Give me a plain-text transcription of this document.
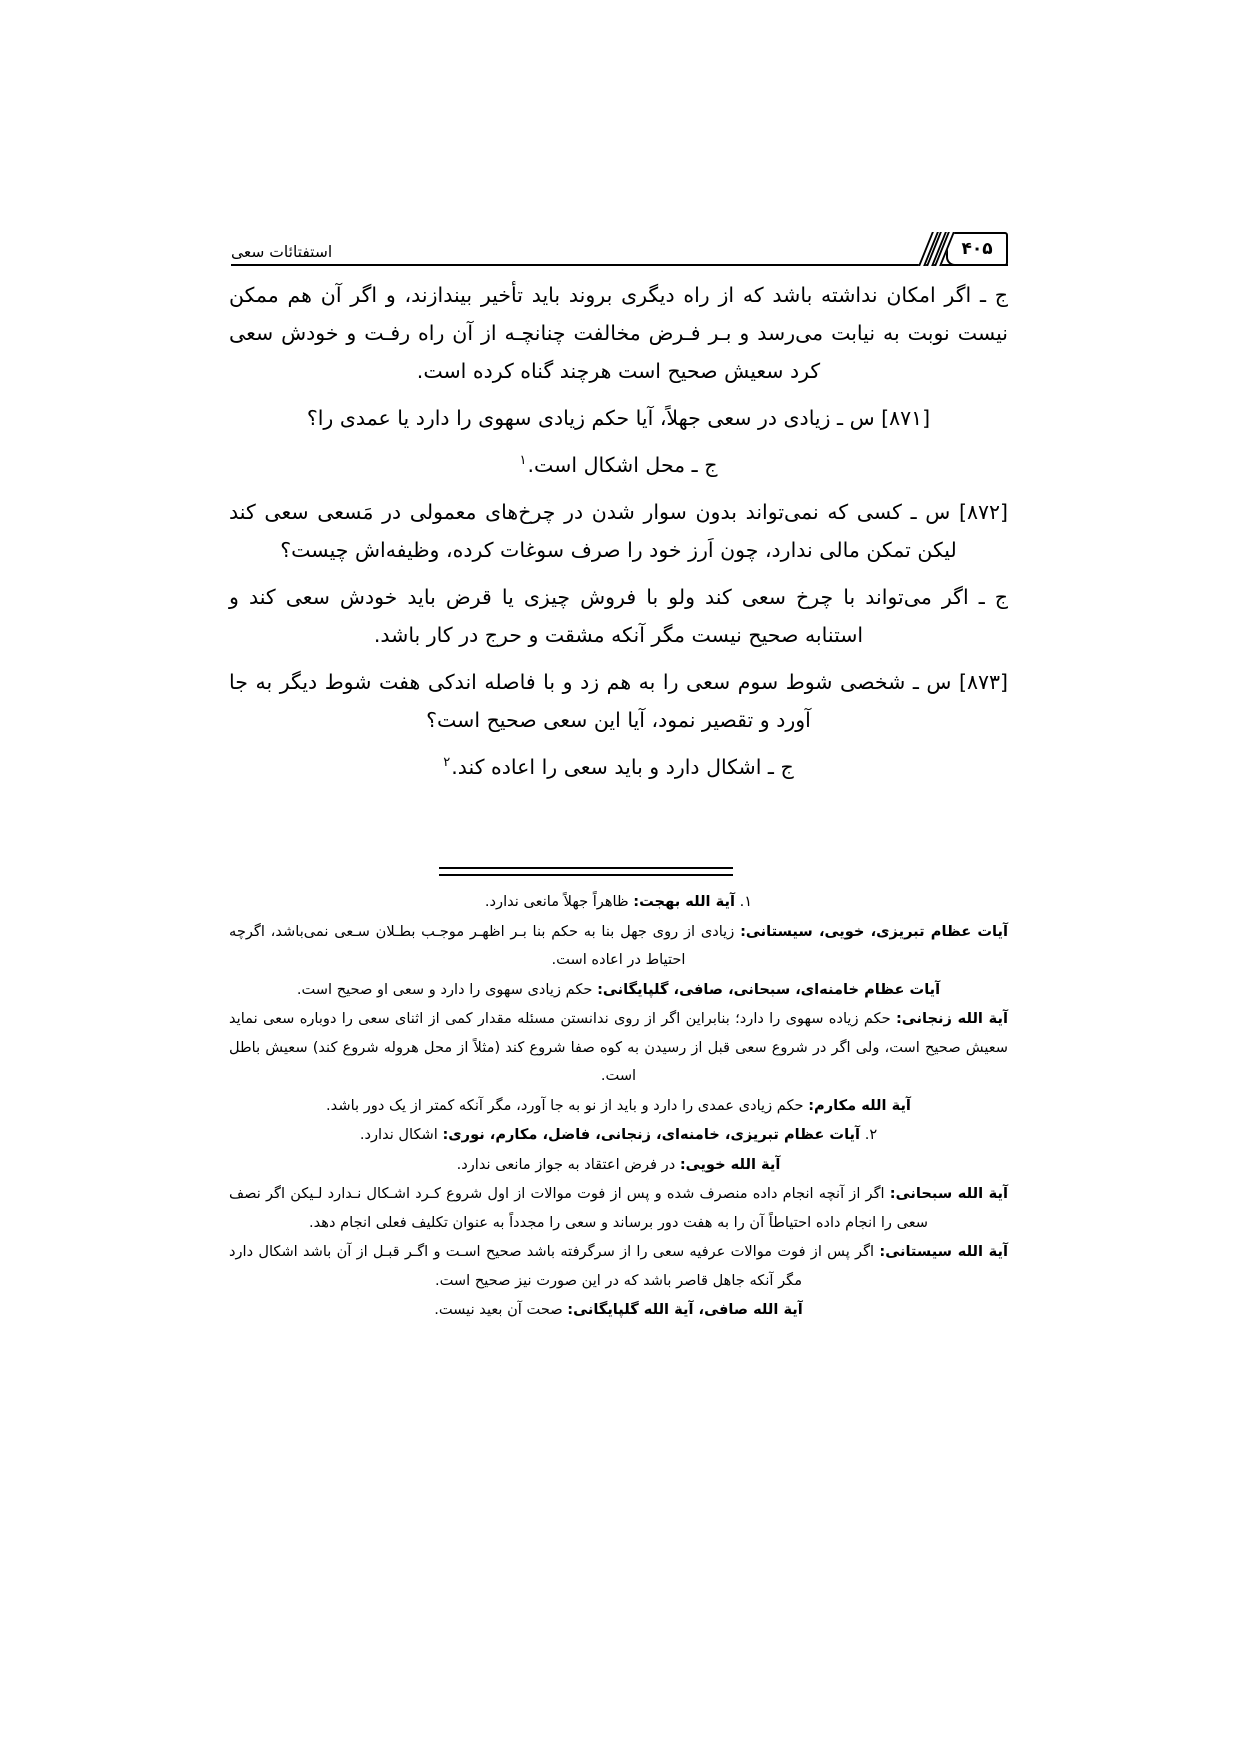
استفتائات سعی	۴۰۵

ج ـ اگر امکان نداشته باشد که از راه دیگری بروند باید تأخیر بیندازند، و اگر آن هم ممکن نیست نوبت به نیابت می‌رسد و بـر فـرض مخالفت چنانچـه از آن راه رفـت و خودش سعی کرد سعیش صحیح است هرچند گناه کرده است.

[۸۷۱] س ـ زیادی در سعی جهلاً، آیا حکم زیادی سهوی را دارد یا عمدی را؟

ج ـ محل اشکال است.$^۱$

[۸۷۲] س ـ کسی که نمی‌تواند بدون سوار شدن در چرخ‌های معمولی در مَسعی سعی کند لیکن تمکن مالی ندارد، چون اَرز خود را صرف سوغات کرده، وظیفه‌اش چیست؟

ج ـ اگر می‌تواند با چرخ سعی کند ولو با فروش چیزی یا قرض باید خودش سعی کند و استنابه صحیح نیست مگر آنکه مشقت و حرج در کار باشد.

[۸۷۳] س ـ شخصی شوط سوم سعی را به هم زد و با فاصله اندکی هفت شوط دیگر به جا آورد و تقصیر نمود، آیا این سعی صحیح است؟

ج ـ اشکال دارد و باید سعی را اعاده کند.$^۲$

۱. آیة الله بهجت: ظاهراً جهلاً مانعی ندارد.

آیات عظام تبریزی، خویی، سیستانی: زیادی از روی جهل بنا به حکم بنا بـر اظهـر موجـب بطـلان سـعی نمی‌باشد، اگرچه احتیاط در اعاده است.

آیات عظام خامنه‌ای، سبحانی، صافی، گلپایگانی: حکم زیادی سهوی را دارد و سعی او صحیح است.

آیة الله زنجانی: حکم زیاده سهوی را دارد؛ بنابراین اگر از روی ندانستن مسئله مقدار کمی از اثنای سعی را دوباره سعی نماید سعیش صحیح است، ولی اگر در شروع سعی قبل از رسیدن به کوه صفا شروع کند (مثلاً از محل هروله شروع کند) سعیش باطل است.

آیة الله مکارم: حکم زیادی عمدی را دارد و باید از نو به جا آورد، مگر آنکه کمتر از یک دور باشد.

۲. آیات عظام تبریزی، خامنه‌ای، زنجانی، فاضل، مکارم، نوری: اشکال ندارد.

آیة الله خویی: در فرض اعتقاد به جواز مانعی ندارد.

آیة الله سبحانی: اگر از آنچه انجام داده منصرف شده و پس از فوت موالات از اول شروع کـرد اشـکال نـدارد لـیکن اگر نصف سعی را انجام داده احتیاطاً آن را به هفت دور برساند و سعی را مجدداً به عنوان تکلیف فعلی انجام دهد.

آیة الله سیستانی: اگر پس از فوت موالات عرفیه سعی را از سرگرفته باشد صحیح اسـت و اگـر قبـل از آن باشد اشکال دارد مگر آنکه جاهل قاصر باشد که در این صورت نیز صحیح است.

آیة الله صافی، آیة الله گلپایگانی: صحت آن بعید نیست.
